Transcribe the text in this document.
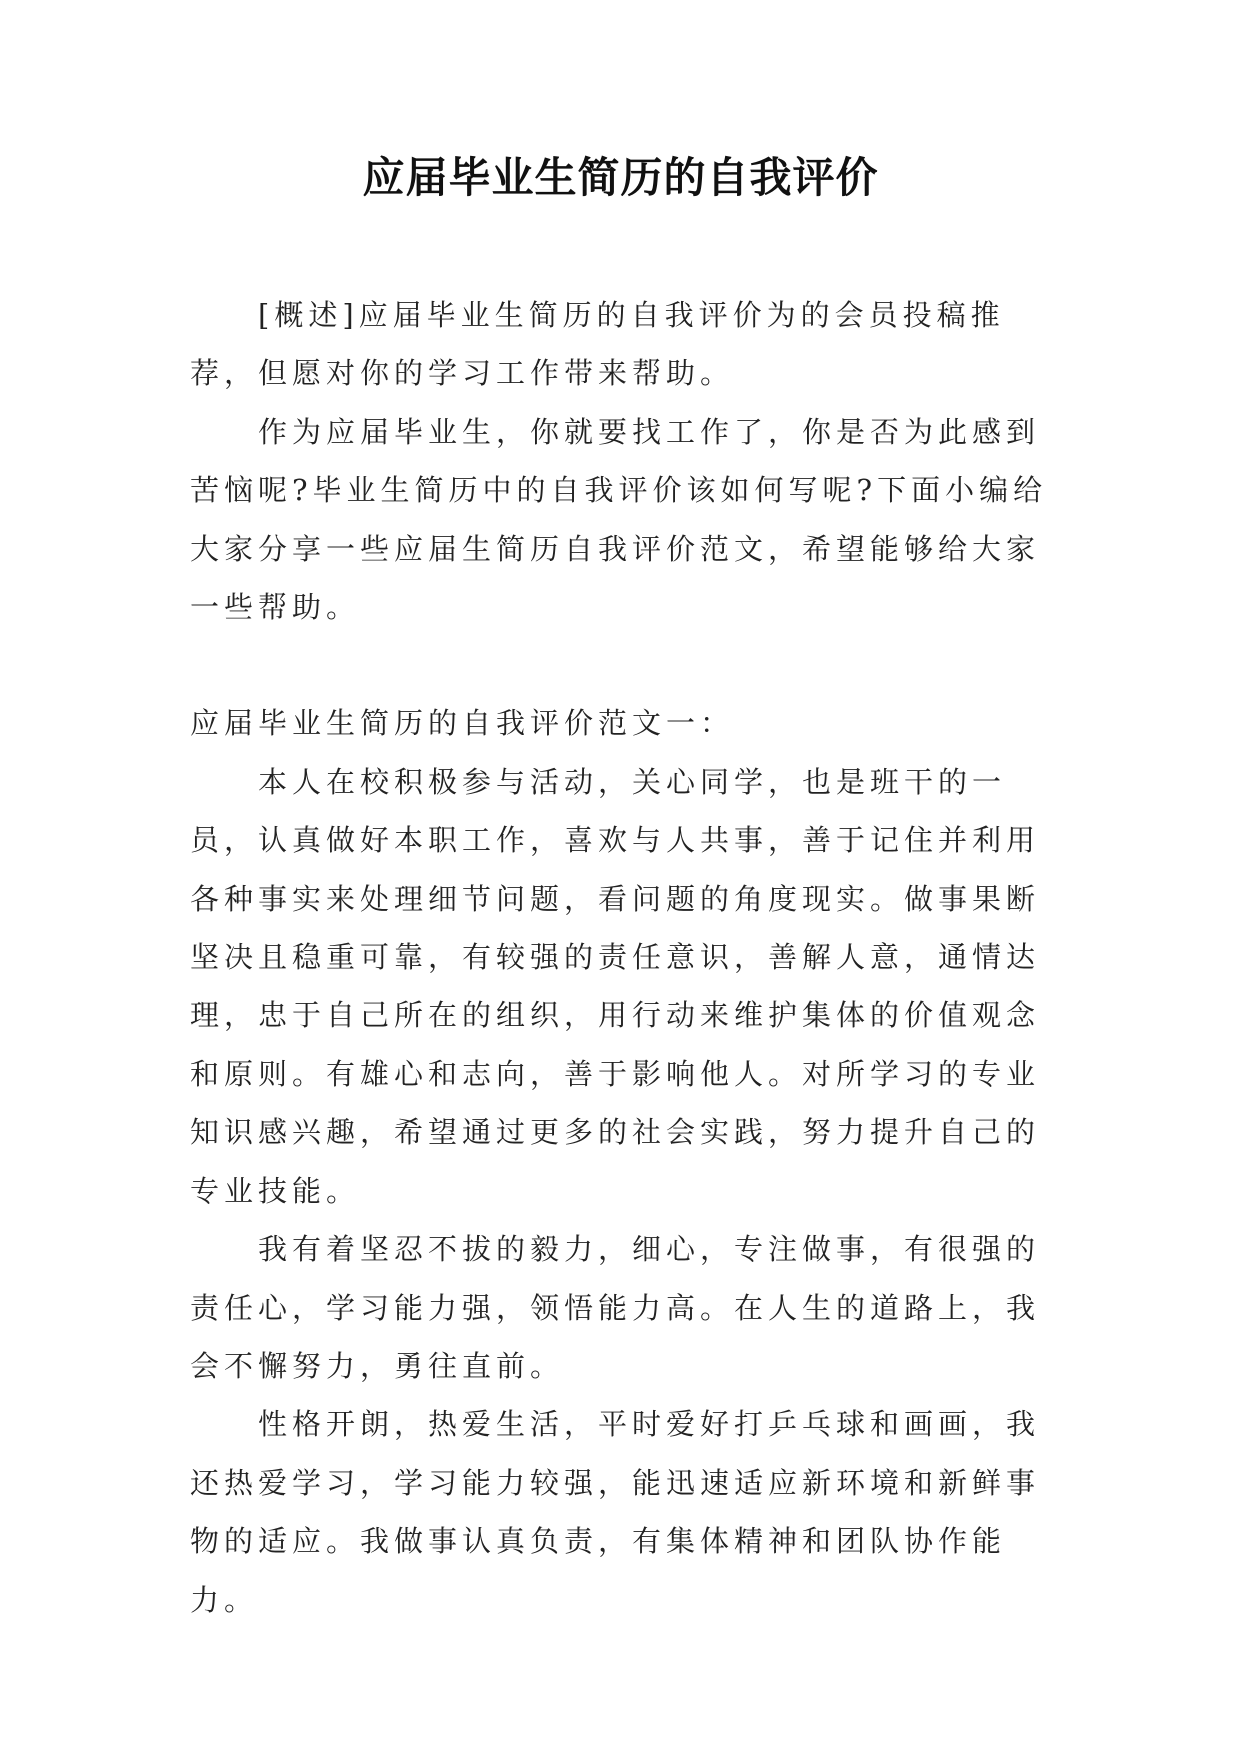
应届毕业生简历的自我评价

[概述]应届毕业生简历的自我评价为的会员投稿推荐，但愿对你的学习工作带来帮助。

作为应届毕业生，你就要找工作了，你是否为此感到苦恼呢?毕业生简历中的自我评价该如何写呢?下面小编给大家分享一些应届生简历自我评价范文，希望能够给大家一些帮助。

应届毕业生简历的自我评价范文一：

本人在校积极参与活动，关心同学，也是班干的一员，认真做好本职工作，喜欢与人共事，善于记住并利用各种事实来处理细节问题，看问题的角度现实。做事果断坚决且稳重可靠，有较强的责任意识，善解人意，通情达理，忠于自己所在的组织，用行动来维护集体的价值观念和原则。有雄心和志向，善于影响他人。对所学习的专业知识感兴趣，希望通过更多的社会实践，努力提升自己的专业技能。

我有着坚忍不拔的毅力，细心，专注做事，有很强的责任心，学习能力强，领悟能力高。在人生的道路上，我会不懈努力，勇往直前。

性格开朗，热爱生活，平时爱好打乒乓球和画画，我还热爱学习，学习能力较强，能迅速适应新环境和新鲜事物的适应。我做事认真负责，有集体精神和团队协作能力。
